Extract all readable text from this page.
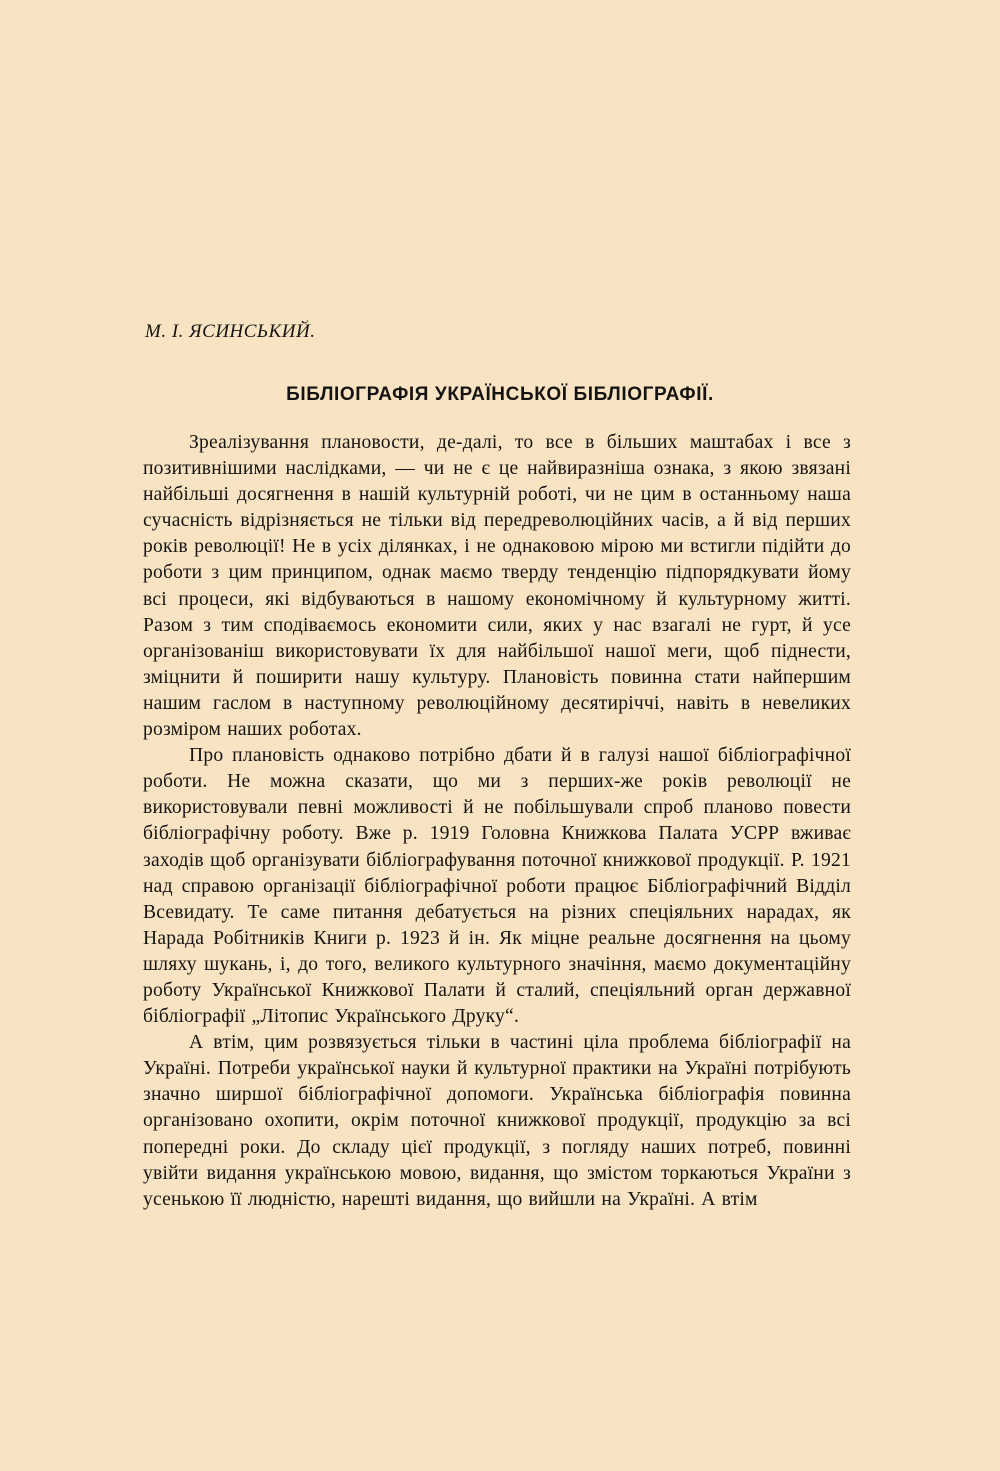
М. І. ЯСИНСЬКИЙ.

БІБЛІОГРАФІЯ УКРАЇНСЬКОЇ БІБЛІОГРАФІЇ.

Зреалізування плановости, де-далі, то все в більших маштабах і все з позитивнішими наслідками, — чи не є це найвиразніша ознака, з якою звязані найбільші досягнення в нашій культурній роботі, чи не цим в останньому наша сучасність відрізняється не тільки від передреволюційних часів, а й від перших років революції! Не в усіх ділянках, і не однаковою мірою ми встигли підійти до роботи з цим принципом, однак маємо тверду тенденцію підпорядкувати йому всі процеси, які відбуваються в нашому економічному й культурному житті. Разом з тим сподіваємось економити сили, яких у нас взагалі не гурт, й усе організованіш використовувати їх для найбільшої нашої меги, щоб піднести, зміцнити й поширити нашу культуру. Плановість повинна стати найпершим нашим гаслом в наступному революційному десятиріччі, навіть в невеликих розміром наших роботах.

Про плановість однаково потрібно дбати й в галузі нашої бібліографічної роботи. Не можна сказати, що ми з перших-же років революції не використовували певні можливості й не побільшували спроб планово повести бібліографічну роботу. Вже р. 1919 Головна Книжкова Палата УСРР вживає заходів щоб організувати бібліографування поточної книжкової продукції. Р. 1921 над справою організації бібліографічної роботи працює Бібліографічний Відділ Всевидату. Те саме питання дебатується на різних спеціяльних нарадах, як Нарада Робітників Книги р. 1923 й ін. Як міцне реальне досягнення на цьому шляху шукань, і, до того, великого культурного значіння, маємо документаційну роботу Української Книжкової Палати й сталий, спеціяльний орган державної бібліографії „Літопис Українського Друку“.

А втім, цим розвязується тільки в частині ціла проблема бібліографії на Україні. Потреби української науки й культурної практики на Україні потрібують значно ширшої бібліографічної допомоги. Українська бібліографія повинна організовано охопити, окрім поточної книжкової продукції, продукцію за всі попередні роки. До складу цієї продукції, з погляду наших потреб, повинні увійти видання українською мовою, видання, що змістом торкаються України з усенькою її людністю, нарешті видання, що вийшли на Україні. А втім
